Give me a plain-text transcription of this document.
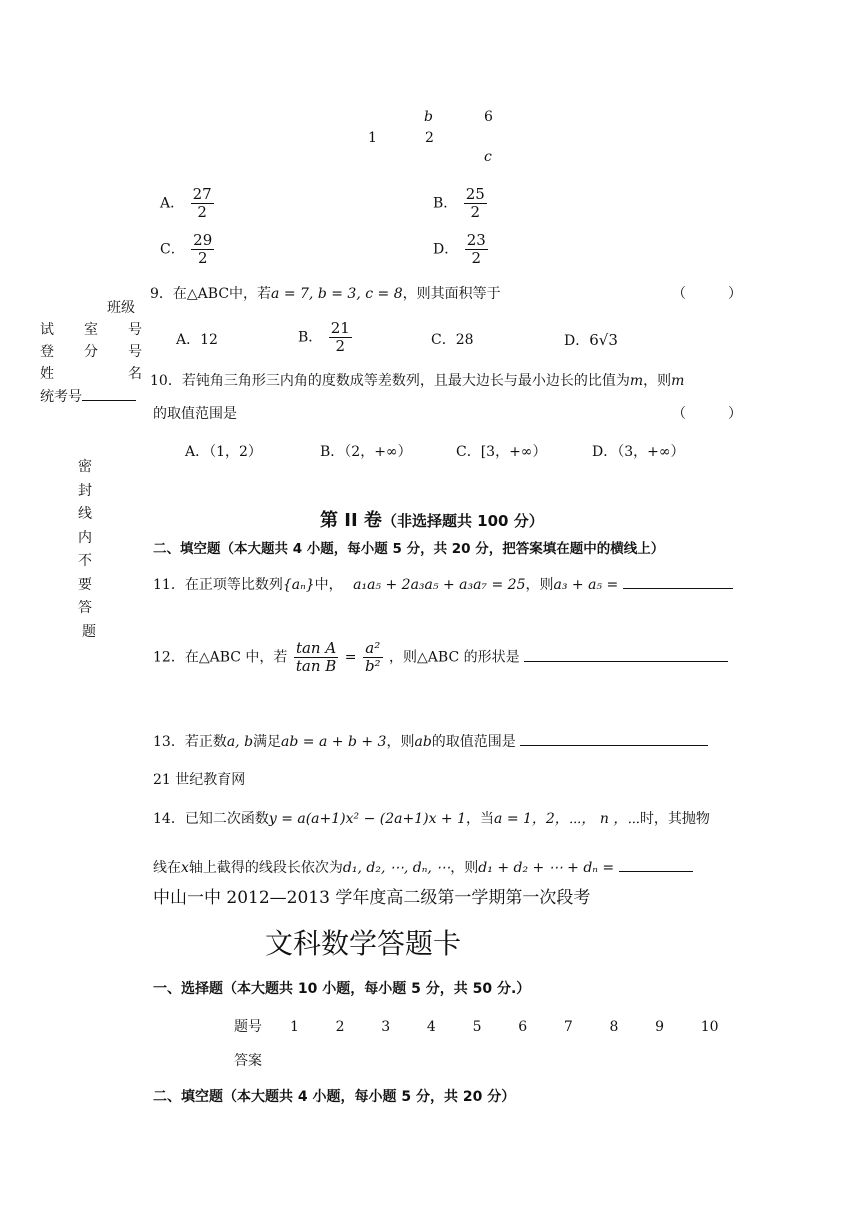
b	6
1	2
c
A． $\frac{27}{2}$	B． $\frac{25}{2}$
C． $\frac{29}{2}$	D． $\frac{23}{2}$
班级
试 室 号
登 分 号
姓	名
统考号
密
封
线
内
不
要
答
题
9．在△ABC中，若a = 7, b = 3, c = 8，则其面积等于	（　　　）
A．12	B． $\frac{21}{2}$	C．28	D．6√3
10．若钝角三角形三内角的度数成等差数列，且最大边长与最小边长的比值为m，则m
的取值范围是	（　　　）
A．（1，2）	B．（2，+∞）	C．[3，+∞）	D．（3，+∞）
第 II 卷（非选择题共 100 分）
二、填空题（本大题共 4 小题，每小题 5 分，共 20 分，把答案填在题中的横线上）
11．在正项等比数列{aₙ}中， a₁a₅ + 2a₃a₅ + a₃a₇ = 25，则a₃ + a₅ =
12．在△ABC 中，若 $\frac{\text{tan A}}{\text{tan B}} = \frac{\text{a²}}{\text{b²}}$ ，则△ABC 的形状是
13．若正数a, b满足ab = a + b + 3，则ab的取值范围是
21 世纪教育网
14．已知二次函数y = a(a+1)x² − (2a+1)x + 1，当a = 1，2，⋯， n ，⋯时，其抛物
线在x轴上截得的线段长依次为d₁, d₂, ⋯, dₙ, ⋯，则d₁ + d₂ + ⋯ + dₙ =
中山一中 2012—2013 学年度高二级第一学期第一次段考
文科数学答题卡
一、选择题（本大题共 10 小题，每小题 5 分，共 50 分.）
题号 1	2	3	4	5	6	7	8	9	10
答案
二、填空题（本大题共 4 小题，每小题 5 分，共 20 分）
